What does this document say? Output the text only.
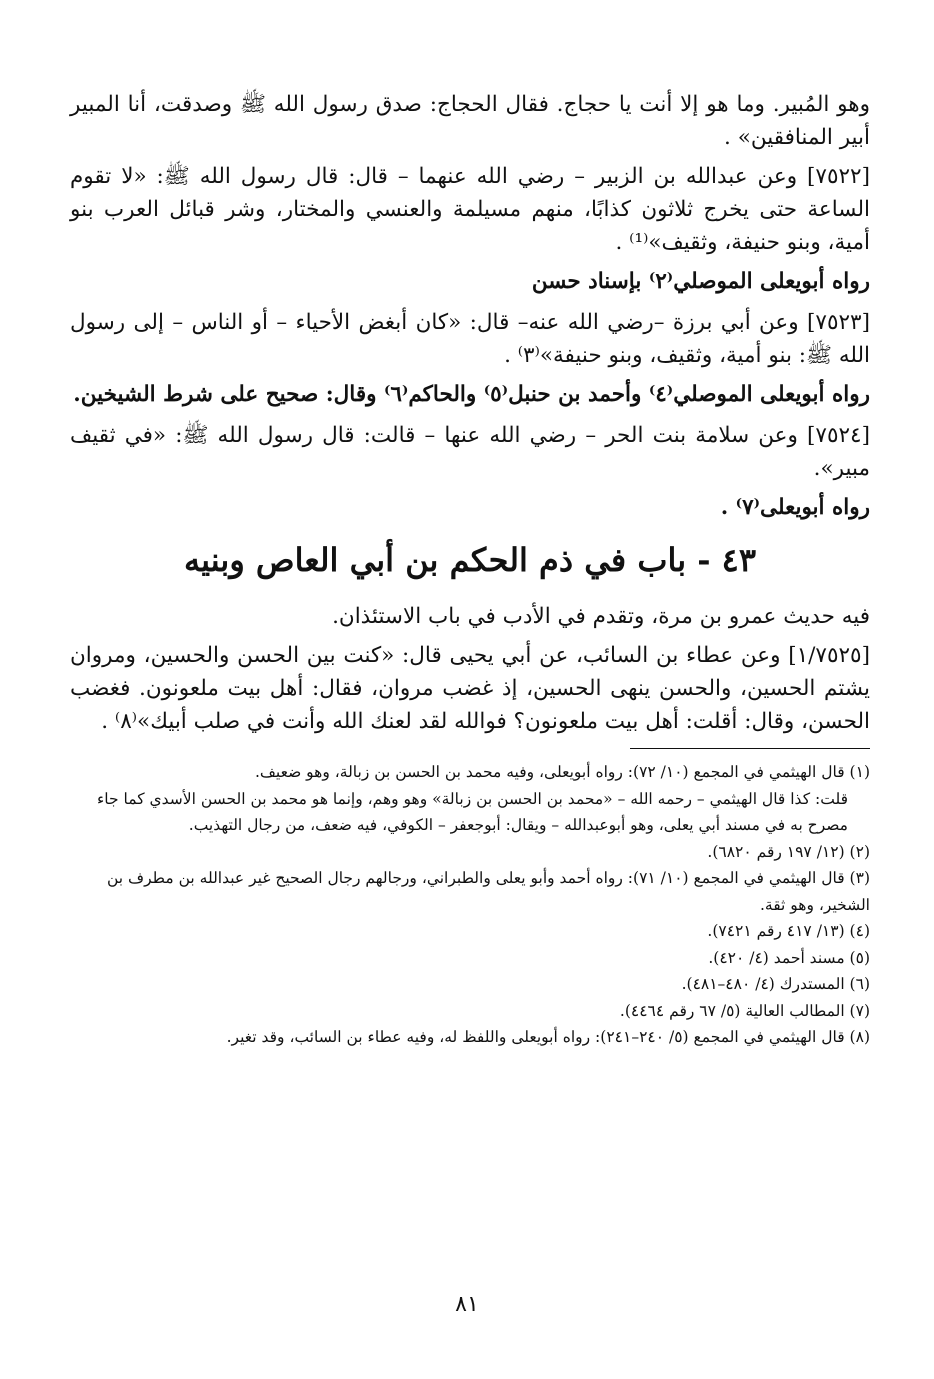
وهو المُبير. وما هو إلا أنت يا حجاج. فقال الحجاج: صدق رسول الله ﷺ وصدقت، أنا المبير أبير المنافقين» .

[٧٥٢٢] وعن عبدالله بن الزبير – رضي الله عنهما – قال: قال رسول الله ﷺ: «لا تقوم الساعة حتى يخرج ثلاثون كذابًا، منهم مسيلمة والعنسي والمختار، وشر قبائل العرب بنو أمية، وبنو حنيفة، وثقيف»⁽¹⁾ .

رواه أبويعلى الموصلي⁽٢⁾ بإسناد حسن

[٧٥٢٣] وعن أبي برزة –رضي الله عنه– قال: «كان أبغض الأحياء – أو الناس – إلى رسول الله ﷺ: بنو أمية، وثقيف، وبنو حنيفة»⁽٣⁾ .

رواه أبويعلى الموصلي⁽٤⁾ وأحمد بن حنبل⁽٥⁾ والحاكم⁽٦⁾ وقال: صحيح على شرط الشيخين.

[٧٥٢٤] وعن سلامة بنت الحر – رضي الله عنها – قالت: قال رسول الله ﷺ: «في ثقيف مبير».

رواه أبويعلى⁽٧⁾ .

٤٣ - باب في ذم الحكم بن أبي العاص وبنيه

فيه حديث عمرو بن مرة، وتقدم في الأدب في باب الاستئذان.

[١/٧٥٢٥] وعن عطاء بن السائب، عن أبي يحيى قال: «كنت بين الحسن والحسين، ومروان يشتم الحسين، والحسن ينهى الحسين، إذ غضب مروان، فقال: أهل بيت ملعونون. فغضب الحسن، وقال: أقلت: أهل بيت ملعونون؟ فوالله لقد لعنك الله وأنت في صلب أبيك»⁽٨⁾ .

(١) قال الهيثمي في المجمع (١٠/ ٧٢): رواه أبويعلى، وفيه محمد بن الحسن بن زبالة، وهو ضعيف.

قلت: كذا قال الهيثمي – رحمه الله – «محمد بن الحسن بن زبالة» وهو وهم، وإنما هو محمد بن الحسن الأسدي كما جاء مصرح به في مسند أبي يعلى، وهو أبوعبدالله – ويقال: أبوجعفر – الكوفي، فيه ضعف، من رجال التهذيب.

(٢) (١٢/ ١٩٧ رقم ٦٨٢٠).

(٣) قال الهيثمي في المجمع (١٠/ ٧١): رواه أحمد وأبو يعلى والطبراني، ورجالهم رجال الصحيح غير عبدالله بن مطرف بن الشخير، وهو ثقة.

(٤) (١٣/ ٤١٧ رقم ٧٤٢١).

(٥) مسند أحمد (٤/ ٤٢٠).

(٦) المستدرك (٤/ ٤٨٠–٤٨١).

(٧) المطالب العالية (٥/ ٦٧ رقم ٤٤٦٤).

(٨) قال الهيثمي في المجمع (٥/ ٢٤٠–٢٤١): رواه أبويعلى واللفظ له، وفيه عطاء بن السائب، وقد تغير.

٨١
